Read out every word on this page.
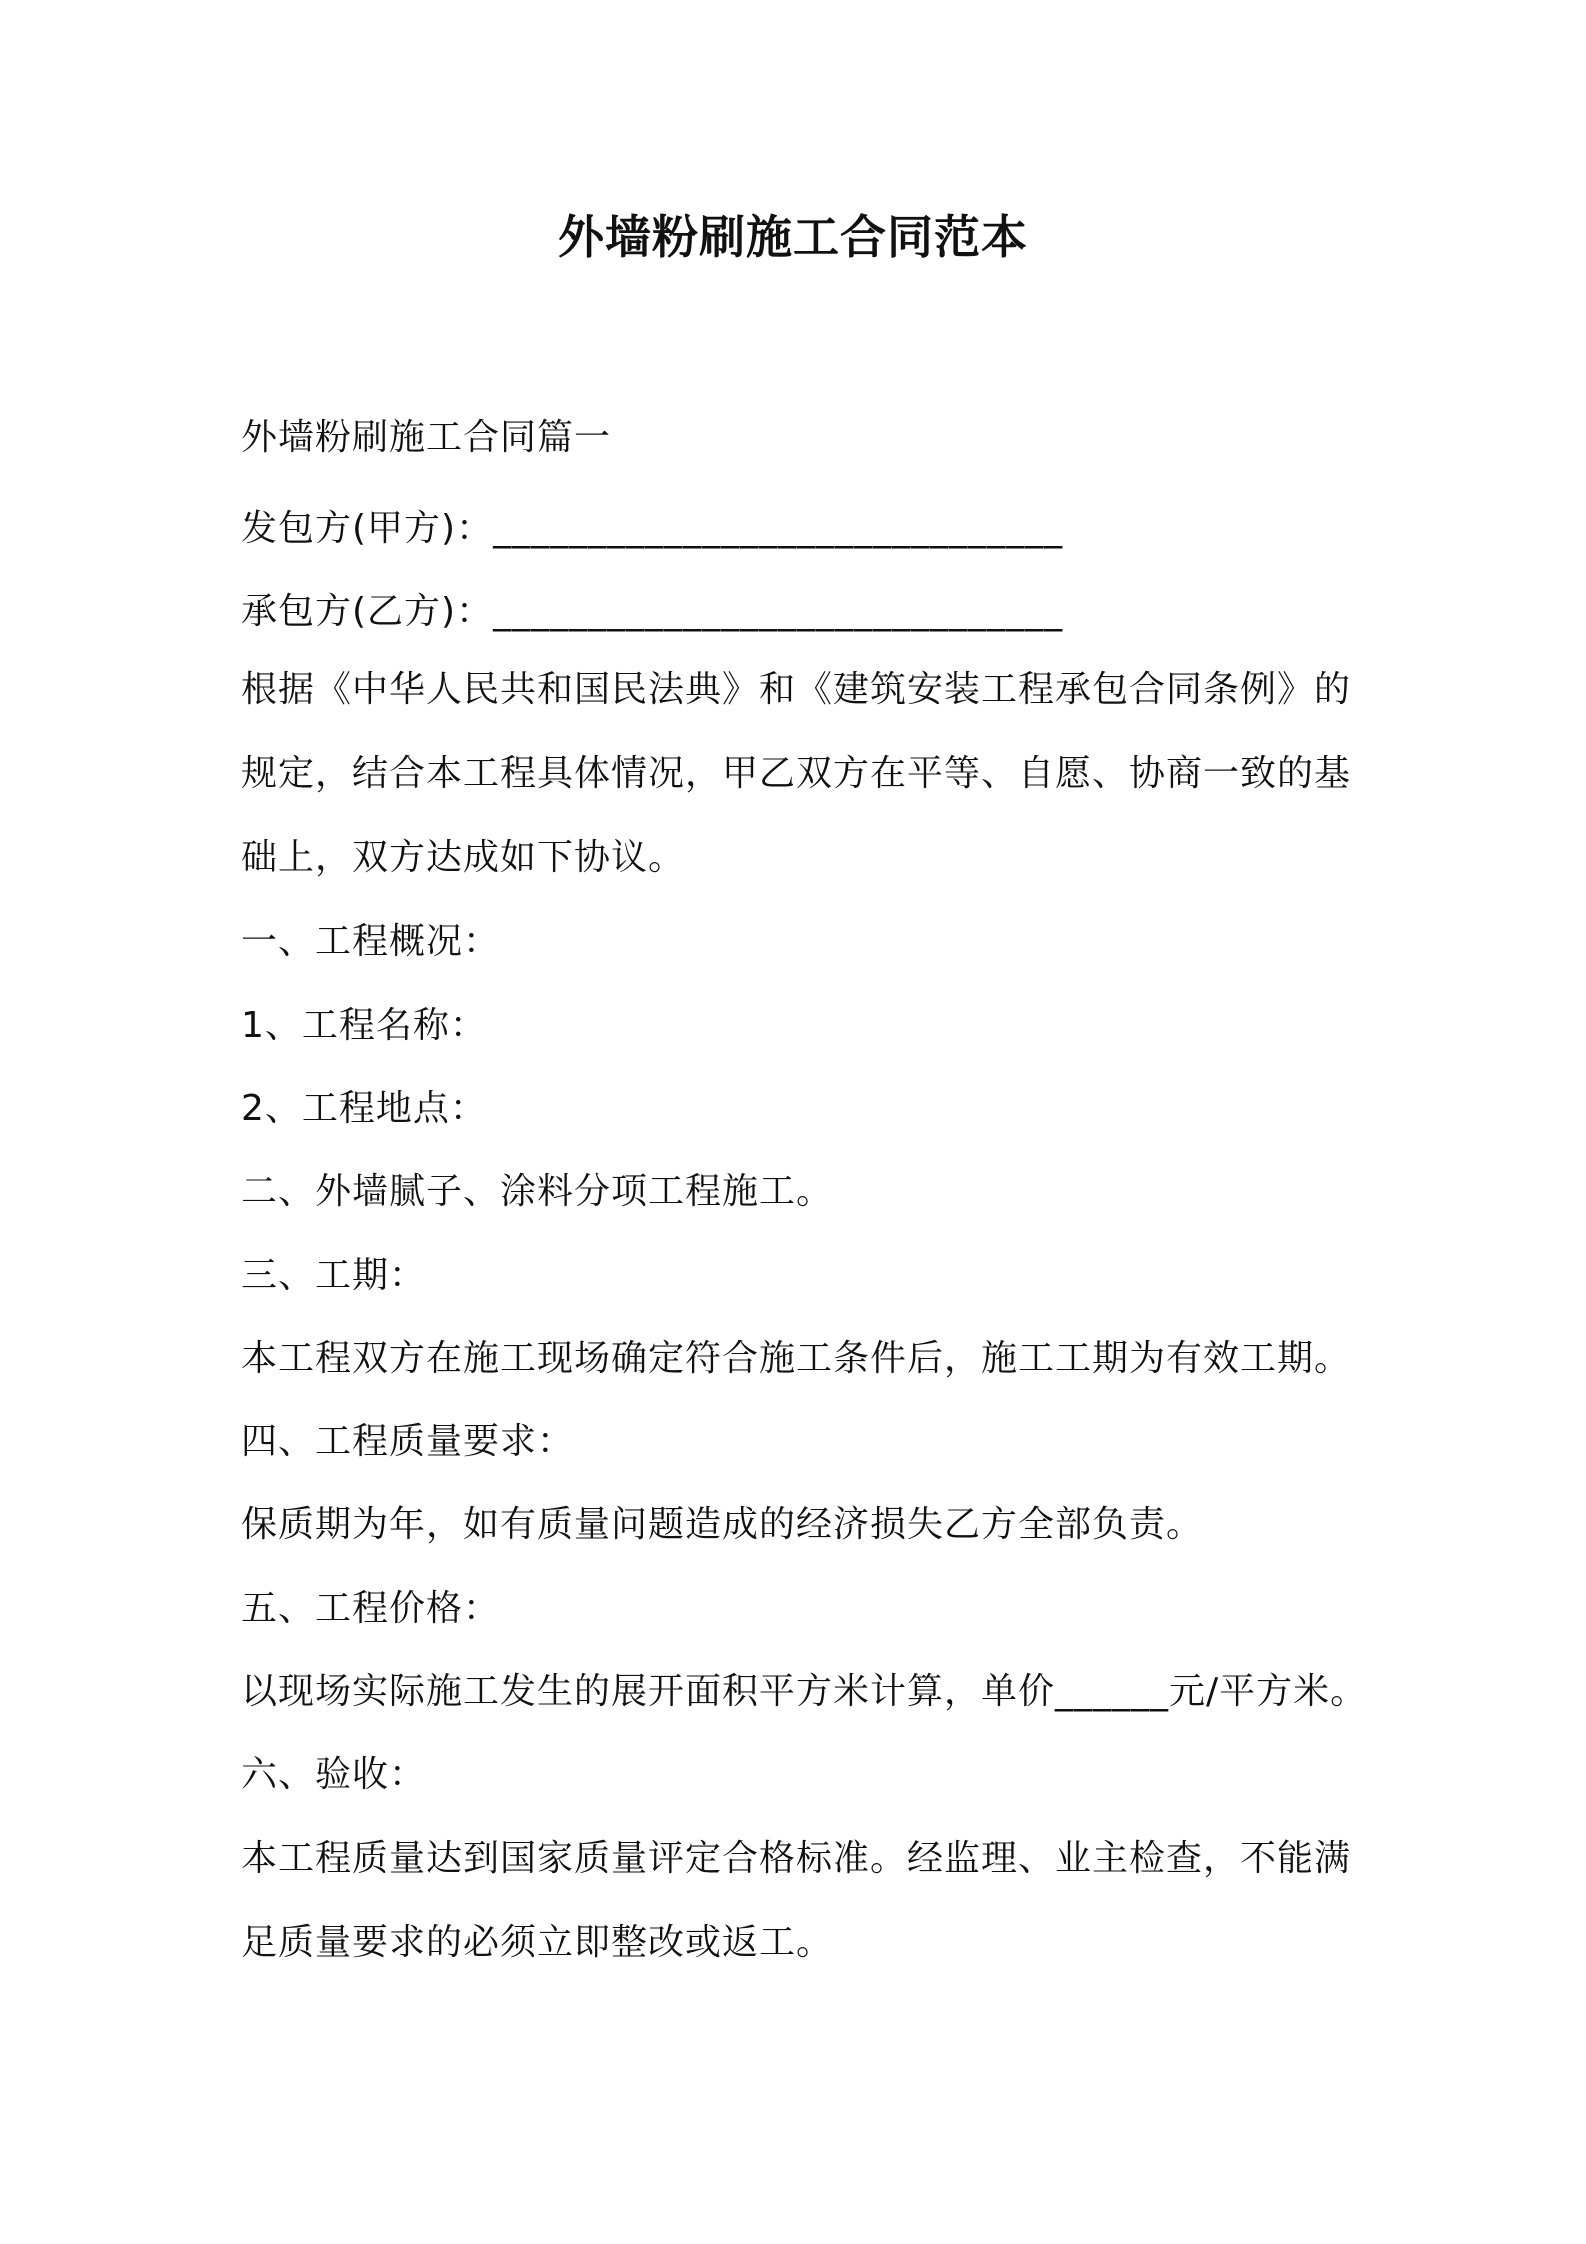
外墙粉刷施工合同范本

外墙粉刷施工合同篇一

发包方(甲方)：______________________________

承包方(乙方)：______________________________

根据《中华人民共和国民法典》和《建筑安装工程承包合同条例》的规定，结合本工程具体情况，甲乙双方在平等、自愿、协商一致的基础上，双方达成如下协议。

一、工程概况：

1、工程名称：

2、工程地点：

二、外墙腻子、涂料分项工程施工。

三、工期：

本工程双方在施工现场确定符合施工条件后，施工工期为有效工期。

四、工程质量要求：

保质期为年，如有质量问题造成的经济损失乙方全部负责。

五、工程价格：

以现场实际施工发生的展开面积平方米计算，单价______元/平方米。

六、验收：

本工程质量达到国家质量评定合格标准。经监理、业主检查，不能满足质量要求的必须立即整改或返工。
